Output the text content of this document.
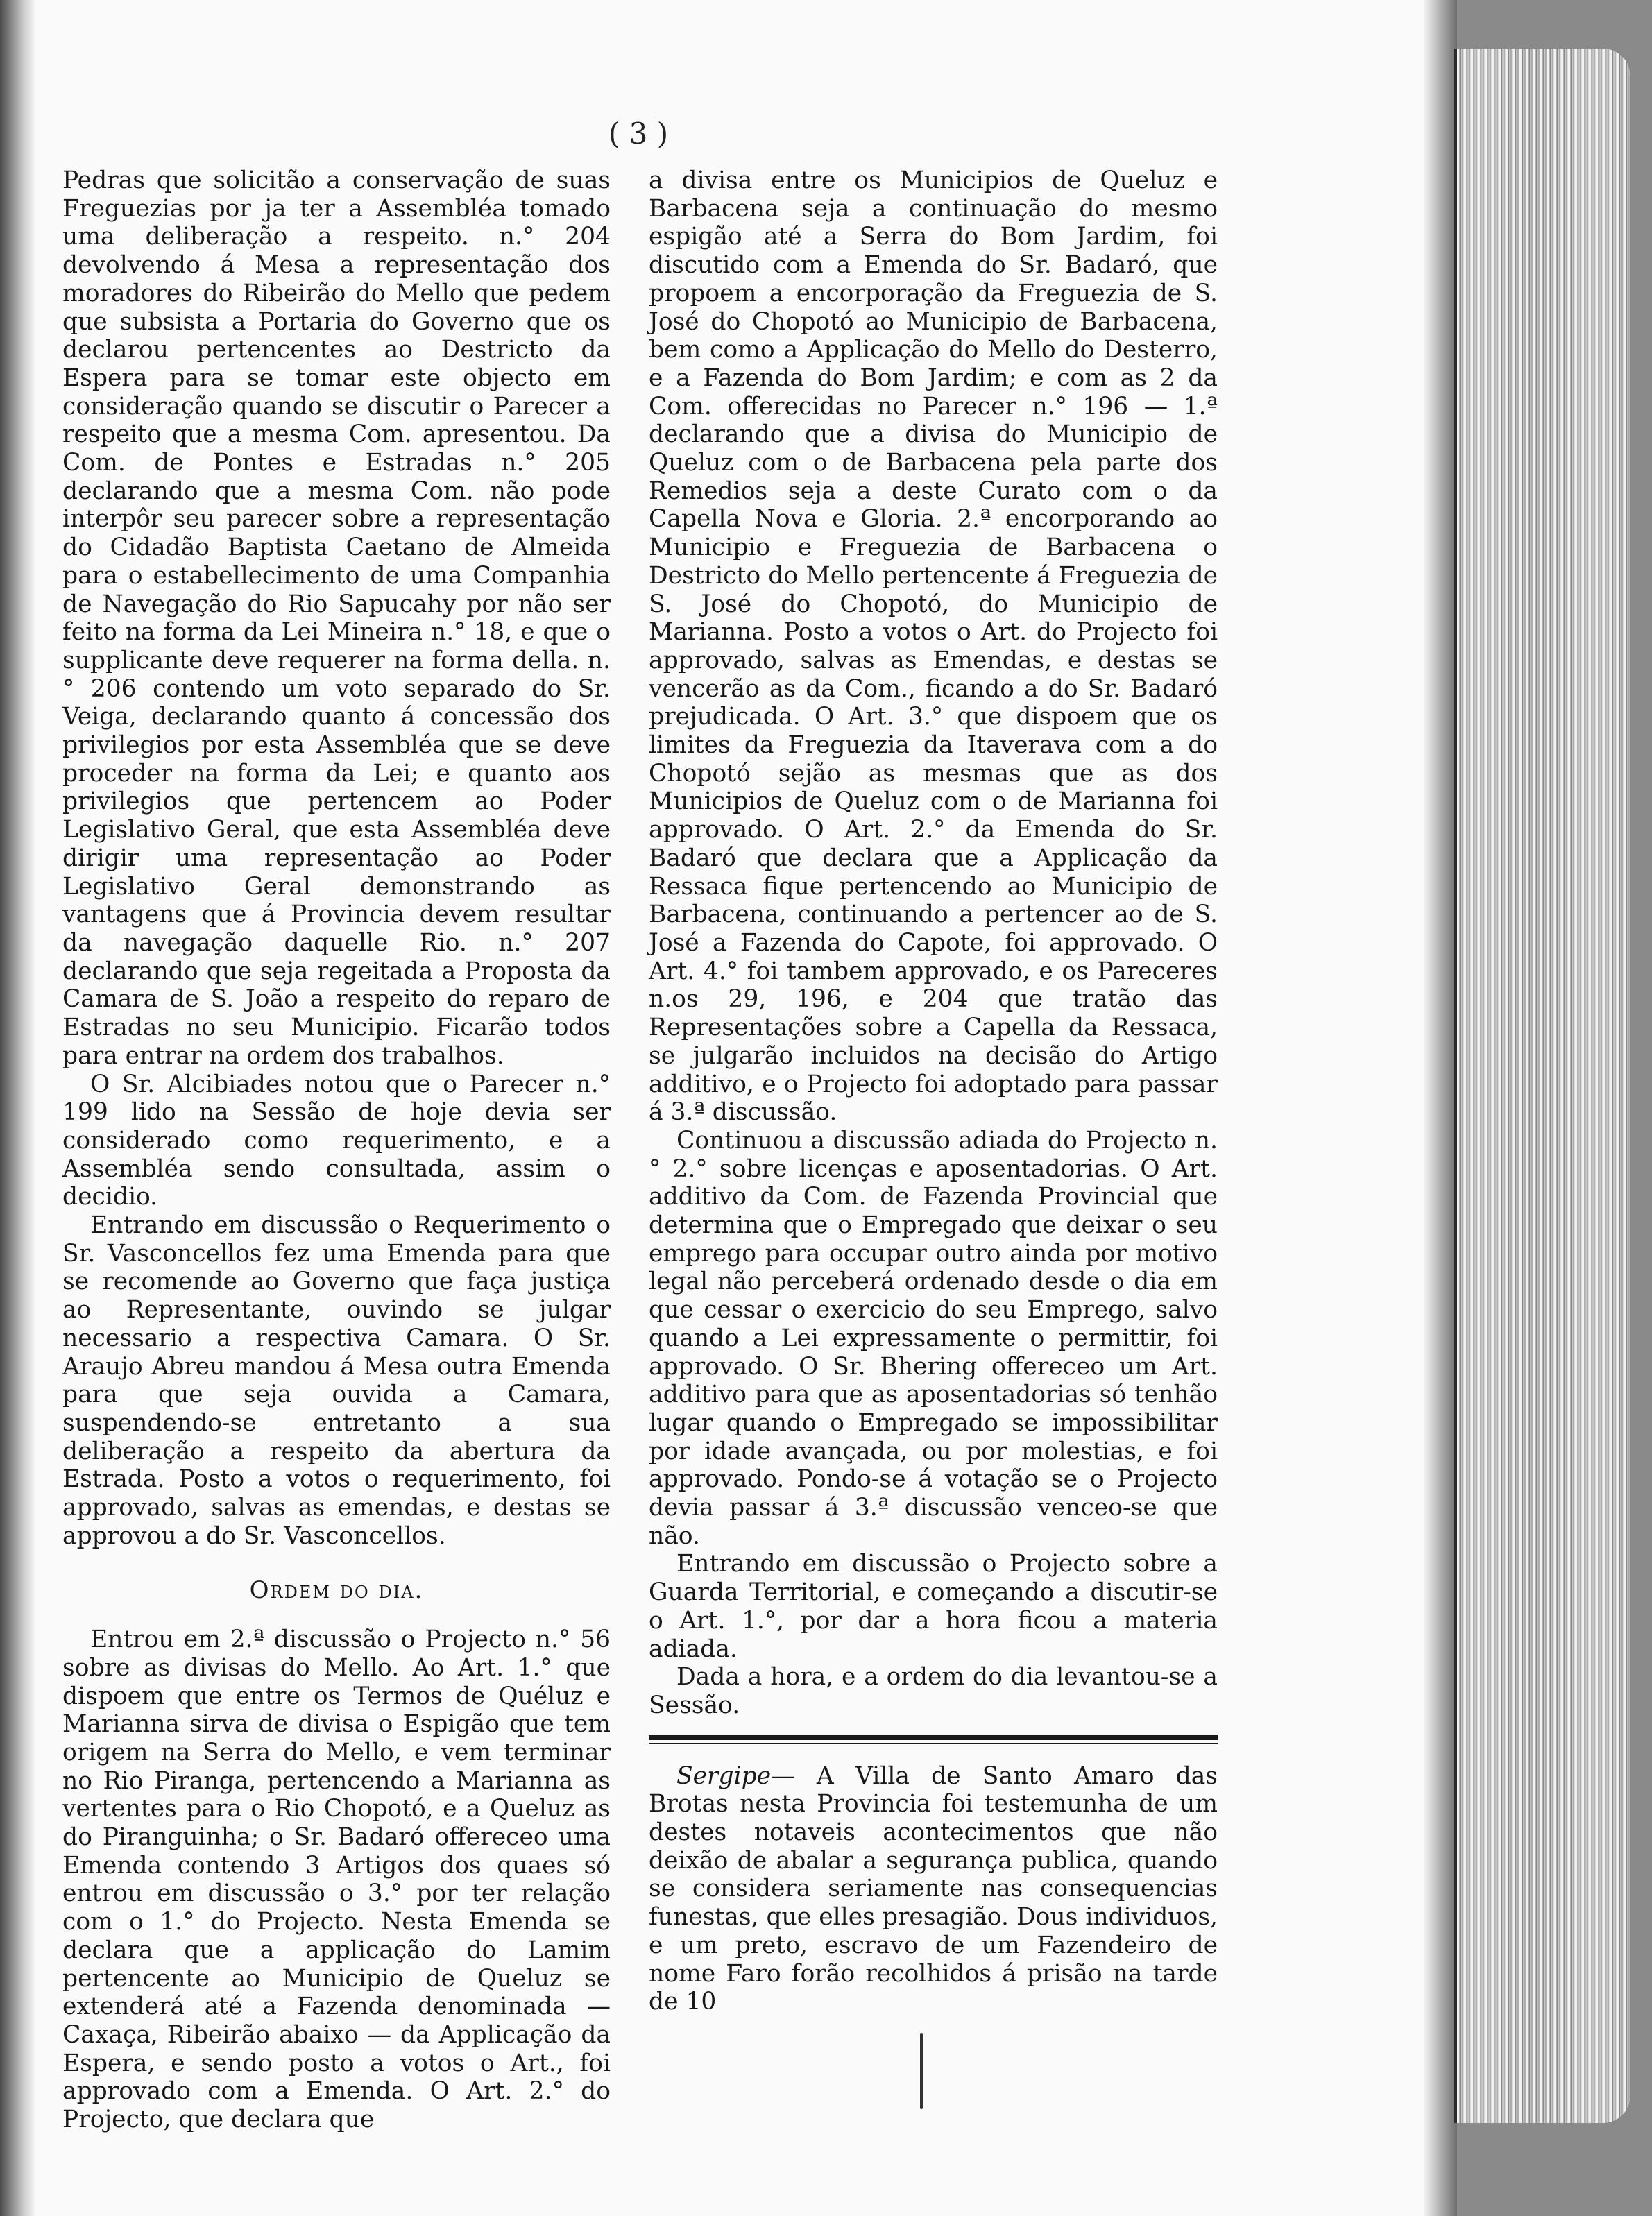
( 3 )

Pedras que solicitão a conservação de suas Freguezias por ja ter a Assembléa tomado uma deliberação a respeito. n.° 204 devolvendo á Mesa a representação dos moradores do Ribeirão do Mello que pedem que subsista a Portaria do Governo que os declarou pertencentes ao Destricto da Espera para se tomar este objecto em consideração quando se discutir o Parecer a respeito que a mesma Com. apresentou. Da Com. de Pontes e Estradas n.° 205 declarando que a mesma Com. não pode interpôr seu parecer sobre a representação do Cidadão Baptista Caetano de Almeida para o estabellecimento de uma Companhia de Navegação do Rio Sapucahy por não ser feito na forma da Lei Mineira n.° 18, e que o supplicante deve requerer na forma della. n.° 206 contendo um voto separado do Sr. Veiga, declarando quanto á concessão dos privilegios por esta Assembléa que se deve proceder na forma da Lei; e quanto aos privilegios que pertencem ao Poder Legislativo Geral, que esta Assembléa deve dirigir uma representação ao Poder Legislativo Geral demonstrando as vantagens que á Provincia devem resultar da navegação daquelle Rio. n.° 207 declarando que seja regeitada a Proposta da Camara de S. João a respeito do reparo de Estradas no seu Municipio. Ficarão todos para entrar na ordem dos trabalhos.

O Sr. Alcibiades notou que o Parecer n.° 199 lido na Sessão de hoje devia ser considerado como requerimento, e a Assembléa sendo consultada, assim o decidio.

Entrando em discussão o Requerimento o Sr. Vasconcellos fez uma Emenda para que se recomende ao Governo que faça justiça ao Representante, ouvindo se julgar necessario a respectiva Camara. O Sr. Araujo Abreu mandou á Mesa outra Emenda para que seja ouvida a Camara, suspendendo-se entretanto a sua deliberação a respeito da abertura da Estrada. Posto a votos o requerimento, foi approvado, salvas as emendas, e destas se approvou a do Sr. Vasconcellos.

Ordem do dia.

Entrou em 2.ª discussão o Projecto n.° 56 sobre as divisas do Mello. Ao Art. 1.° que dispoem que entre os Termos de Quéluz e Marianna sirva de divisa o Espigão que tem origem na Serra do Mello, e vem terminar no Rio Piranga, pertencendo a Marianna as vertentes para o Rio Chopotó, e a Queluz as do Piranguinha; o Sr. Badaró offereceo uma Emenda contendo 3 Artigos dos quaes só entrou em discussão o 3.° por ter relação com o 1.° do Projecto. Nesta Emenda se declara que a applicação do Lamim pertencente ao Municipio de Queluz se extenderá até a Fazenda denominada — Caxaça, Ribeirão abaixo — da Applicação da Espera, e sendo posto a votos o Art., foi approvado com a Emenda. O Art. 2.° do Projecto, que declara que

a divisa entre os Municipios de Queluz e Barbacena seja a continuação do mesmo espigão até a Serra do Bom Jardim, foi discutido com a Emenda do Sr. Badaró, que propoem a encorporação da Freguezia de S. José do Chopotó ao Municipio de Barbacena, bem como a Applicação do Mello do Desterro, e a Fazenda do Bom Jardim; e com as 2 da Com. offerecidas no Parecer n.° 196 — 1.ª declarando que a divisa do Municipio de Queluz com o de Barbacena pela parte dos Remedios seja a deste Curato com o da Capella Nova e Gloria. 2.ª encorporando ao Municipio e Freguezia de Barbacena o Destricto do Mello pertencente á Freguezia de S. José do Chopotó, do Municipio de Marianna. Posto a votos o Art. do Projecto foi approvado, salvas as Emendas, e destas se vencerão as da Com., ficando a do Sr. Badaró prejudicada. O Art. 3.° que dispoem que os limites da Freguezia da Itaverava com a do Chopotó sejão as mesmas que as dos Municipios de Queluz com o de Marianna foi approvado. O Art. 2.° da Emenda do Sr. Badaró que declara que a Applicação da Ressaca fique pertencendo ao Municipio de Barbacena, continuando a pertencer ao de S. José a Fazenda do Capote, foi approvado. O Art. 4.° foi tambem approvado, e os Pareceres n.os 29, 196, e 204 que tratão das Representações sobre a Capella da Ressaca, se julgarão incluidos na decisão do Artigo additivo, e o Projecto foi adoptado para passar á 3.ª discussão.

Continuou a discussão adiada do Projecto n.° 2.° sobre licenças e aposentadorias. O Art. additivo da Com. de Fazenda Provincial que determina que o Empregado que deixar o seu emprego para occupar outro ainda por motivo legal não perceberá ordenado desde o dia em que cessar o exercicio do seu Emprego, salvo quando a Lei expressamente o permittir, foi approvado. O Sr. Bhering offereceo um Art. additivo para que as aposentadorias só tenhão lugar quando o Empregado se impossibilitar por idade avançada, ou por molestias, e foi approvado. Pondo-se á votação se o Projecto devia passar á 3.ª discussão venceo-se que não.

Entrando em discussão o Projecto sobre a Guarda Territorial, e começando a discutir-se o Art. 1.°, por dar a hora ficou a materia adiada.

Dada a hora, e a ordem do dia levantou-se a Sessão.

Sergipe— A Villa de Santo Amaro das Brotas nesta Provincia foi testemunha de um destes notaveis acontecimentos que não deixão de abalar a segurança publica, quando se considera seriamente nas consequencias funestas, que elles presagião. Dous individuos, e um preto, escravo de um Fazendeiro de nome Faro forão recolhidos á prisão na tarde de 10
